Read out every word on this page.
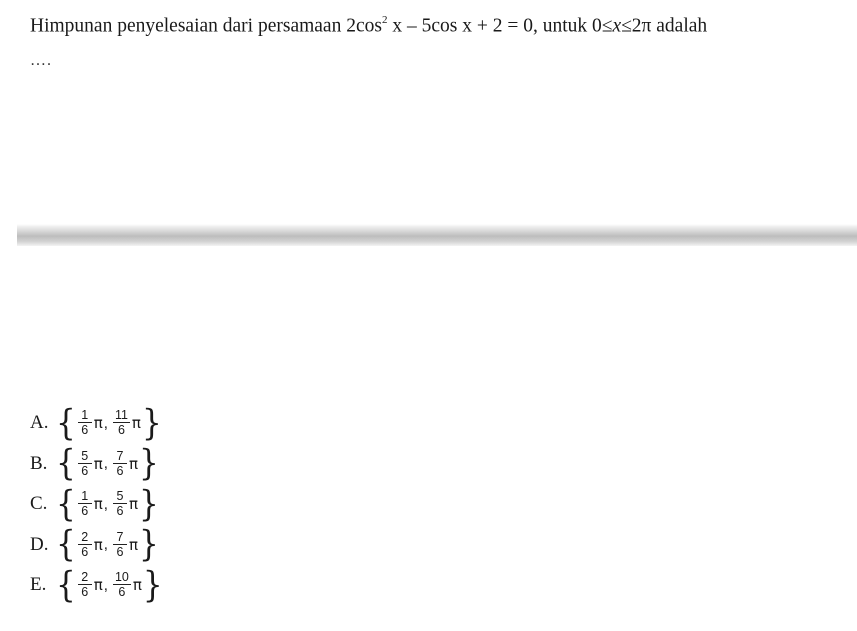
Himpunan penyelesaian dari persamaan $2\cos^2$ x – 5cos x + 2 = 0, untuk 0≤x≤2π adalah
….
A. { $\frac{1}{6}$ π , $\frac{11}{6}$ π }
B. { $\frac{5}{6}$ π , $\frac{7}{6}$ π }
C. { $\frac{1}{6}$ π , $\frac{5}{6}$ π }
D. { $\frac{2}{6}$ π , $\frac{7}{6}$ π }
E. { $\frac{2}{6}$ π , $\frac{10}{6}$ π }
